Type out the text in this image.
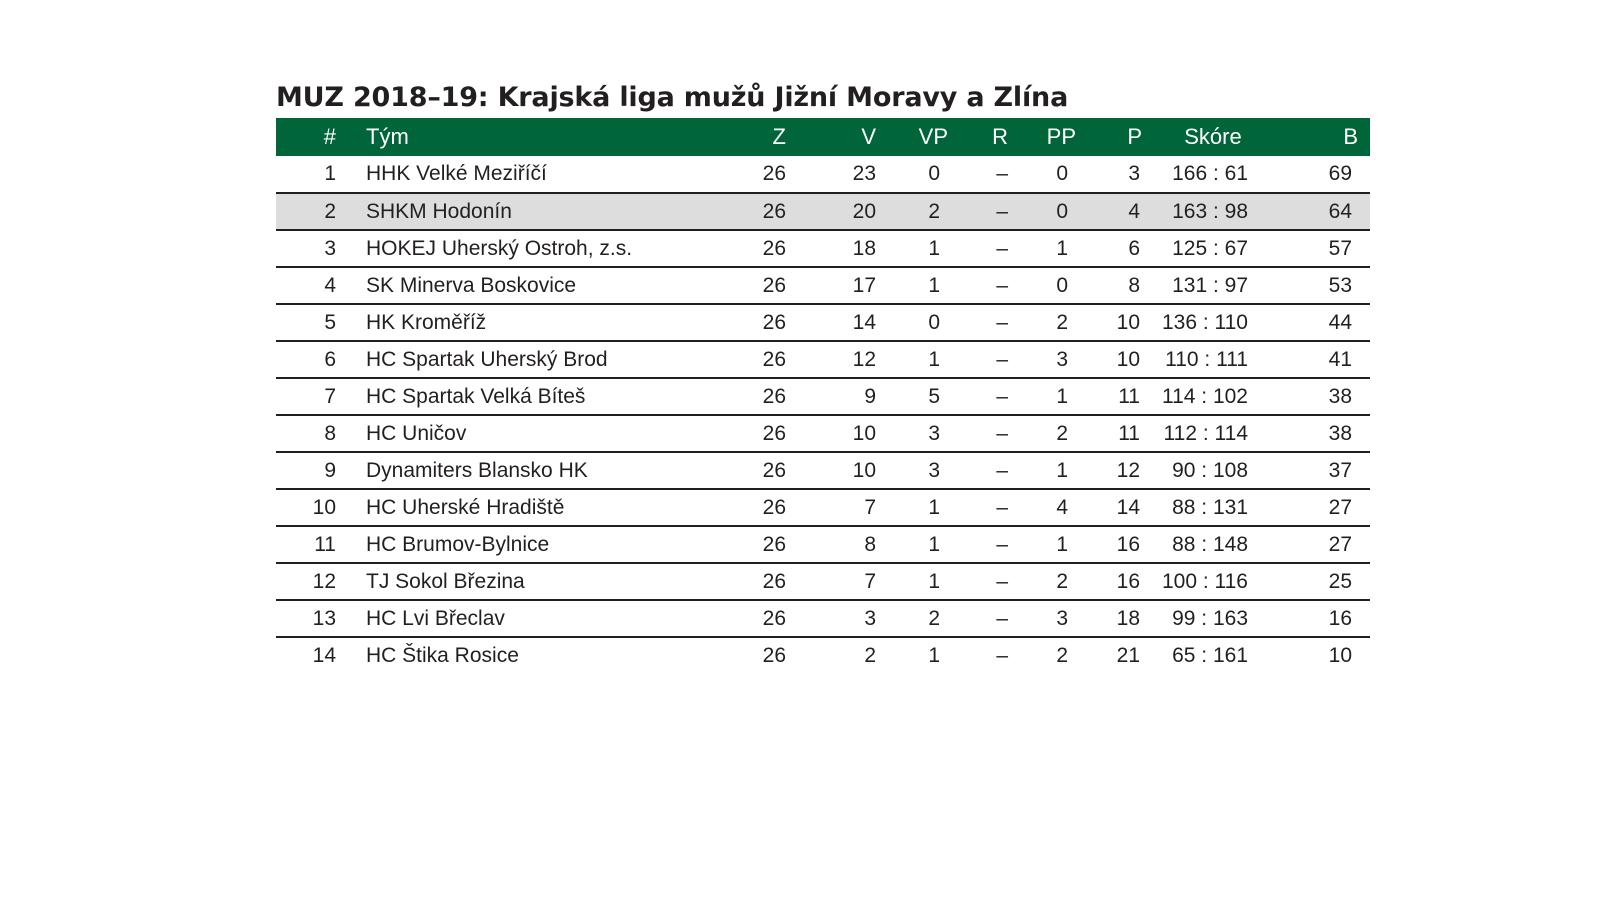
MUZ 2018–19: Krajská liga mužů Jižní Moravy a Zlína
#	Tým	Z	V	VP	R	PP	P	Skóre	B
1	HHK Velké Meziříčí	26	23	0	–	0	3	166 : 61	69
2	SHKM Hodonín	26	20	2	–	0	4	163 : 98	64
3	HOKEJ Uherský Ostroh, z.s.	26	18	1	–	1	6	125 : 67	57
4	SK Minerva Boskovice	26	17	1	–	0	8	131 : 97	53
5	HK Kroměříž	26	14	0	–	2	10	136 : 110	44
6	HC Spartak Uherský Brod	26	12	1	–	3	10	110 : 111	41
7	HC Spartak Velká Bíteš	26	9	5	–	1	11	114 : 102	38
8	HC Uničov	26	10	3	–	2	11	112 : 114	38
9	Dynamiters Blansko HK	26	10	3	–	1	12	90 : 108	37
10	HC Uherské Hradiště	26	7	1	–	4	14	88 : 131	27
11	HC Brumov-Bylnice	26	8	1	–	1	16	88 : 148	27
12	TJ Sokol Březina	26	7	1	–	2	16	100 : 116	25
13	HC Lvi Břeclav	26	3	2	–	3	18	99 : 163	16
14	HC Štika Rosice	26	2	1	–	2	21	65 : 161	10
